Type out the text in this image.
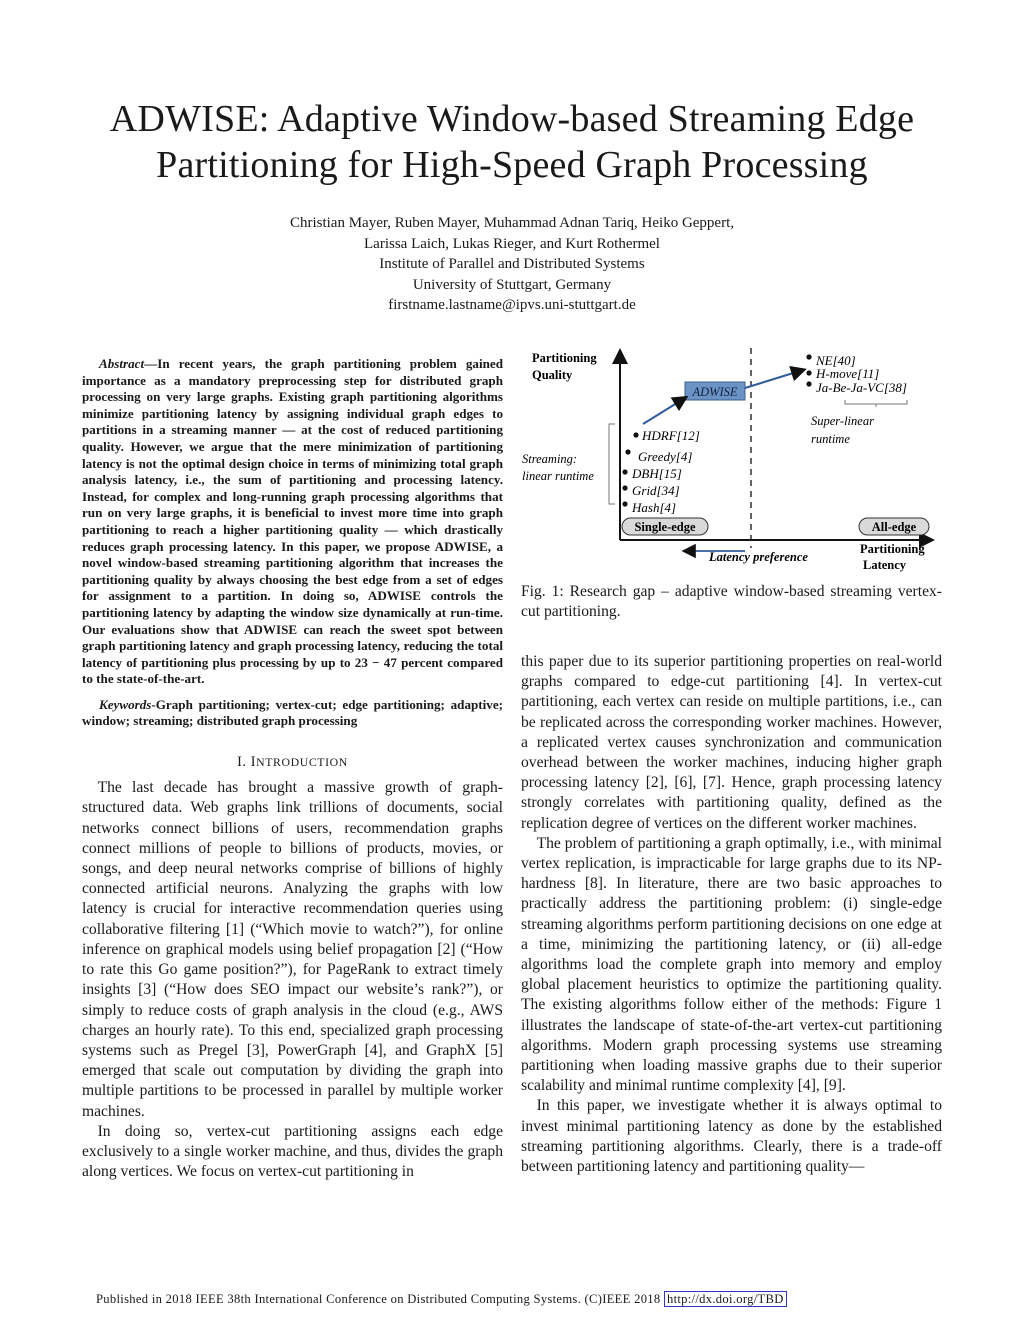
ADWISE: Adaptive Window-based Streaming Edge
Partitioning for High-Speed Graph Processing
Christian Mayer, Ruben Mayer, Muhammad Adnan Tariq, Heiko Geppert,
Larissa Laich, Lukas Rieger, and Kurt Rothermel
Institute of Parallel and Distributed Systems
University of Stuttgart, Germany
firstname.lastname@ipvs.uni-stuttgart.de
Abstract—In recent years, the graph partitioning problem gained importance as a mandatory preprocessing step for distributed graph processing on very large graphs. Existing graph partitioning algorithms minimize partitioning latency by assigning individual graph edges to partitions in a streaming manner — at the cost of reduced partitioning quality. However, we argue that the mere minimization of partitioning latency is not the optimal design choice in terms of minimizing total graph analysis latency, i.e., the sum of partitioning and processing latency. Instead, for complex and long-running graph processing algorithms that run on very large graphs, it is beneficial to invest more time into graph partitioning to reach a higher partitioning quality — which drastically reduces graph processing latency. In this paper, we propose ADWISE, a novel window-based streaming partitioning algorithm that increases the partitioning quality by always choosing the best edge from a set of edges for assignment to a partition. In doing so, ADWISE controls the partitioning latency by adapting the window size dynamically at run-time. Our evaluations show that ADWISE can reach the sweet spot between graph partitioning latency and graph processing latency, reducing the total latency of partitioning plus processing by up to 23 − 47 percent compared to the state-of-the-art.
Keywords-Graph partitioning; vertex-cut; edge partitioning; adaptive; window; streaming; distributed graph processing
I. INTRODUCTION

The last decade has brought a massive growth of graph-structured data. Web graphs link trillions of documents, social networks connect billions of users, recommendation graphs connect millions of people to billions of products, movies, or songs, and deep neural networks comprise of billions of highly connected artificial neurons. Analyzing the graphs with low latency is crucial for interactive recommendation queries using collaborative filtering [1] (“Which movie to watch?”), for online inference on graphical models using belief propagation [2] (“How to rate this Go game position?”), for PageRank to extract timely insights [3] (“How does SEO impact our website’s rank?”), or simply to reduce costs of graph analysis in the cloud (e.g., AWS charges an hourly rate). To this end, specialized graph processing systems such as Pregel [3], PowerGraph [4], and GraphX [5] emerged that scale out computation by dividing the graph into multiple partitions to be processed in parallel by multiple worker machines.

In doing so, vertex-cut partitioning assigns each edge exclusively to a single worker machine, and thus, divides the graph along vertices. We focus on vertex-cut partitioning in

Partitioning
Quality
Partitioning
Latency
Streaming:
linear runtime
HDRF[12]
Greedy[4]
DBH[15]
Grid[34]
Hash[4]
ADWISE
NE[40]
H-move[11]
Ja-Be-Ja-VC[38]
Super-linear
runtime
Single-edge	All-edge
Latency preference
Fig. 1: Research gap – adaptive window-based streaming vertex-cut partitioning.

this paper due to its superior partitioning properties on real-world graphs compared to edge-cut partitioning [4]. In vertex-cut partitioning, each vertex can reside on multiple partitions, i.e., can be replicated across the corresponding worker machines. However, a replicated vertex causes synchronization and communication overhead between the worker machines, inducing higher graph processing latency [2], [6], [7]. Hence, graph processing latency strongly correlates with partitioning quality, defined as the replication degree of vertices on the different worker machines.

The problem of partitioning a graph optimally, i.e., with minimal vertex replication, is impracticable for large graphs due to its NP-hardness [8]. In literature, there are two basic approaches to practically address the partitioning problem: (i) single-edge streaming algorithms perform partitioning decisions on one edge at a time, minimizing the partitioning latency, or (ii) all-edge algorithms load the complete graph into memory and employ global placement heuristics to optimize the partitioning quality. The existing algorithms follow either of the methods: Figure 1 illustrates the landscape of state-of-the-art vertex-cut partitioning algorithms. Modern graph processing systems use streaming partitioning when loading massive graphs due to their superior scalability and minimal runtime complexity [4], [9].

In this paper, we investigate whether it is always optimal to invest minimal partitioning latency as done by the established streaming partitioning algorithms. Clearly, there is a trade-off between partitioning latency and partitioning quality—

Published in 2018 IEEE 38th International Conference on Distributed Computing Systems. (C)IEEE 2018 http://dx.doi.org/TBD
